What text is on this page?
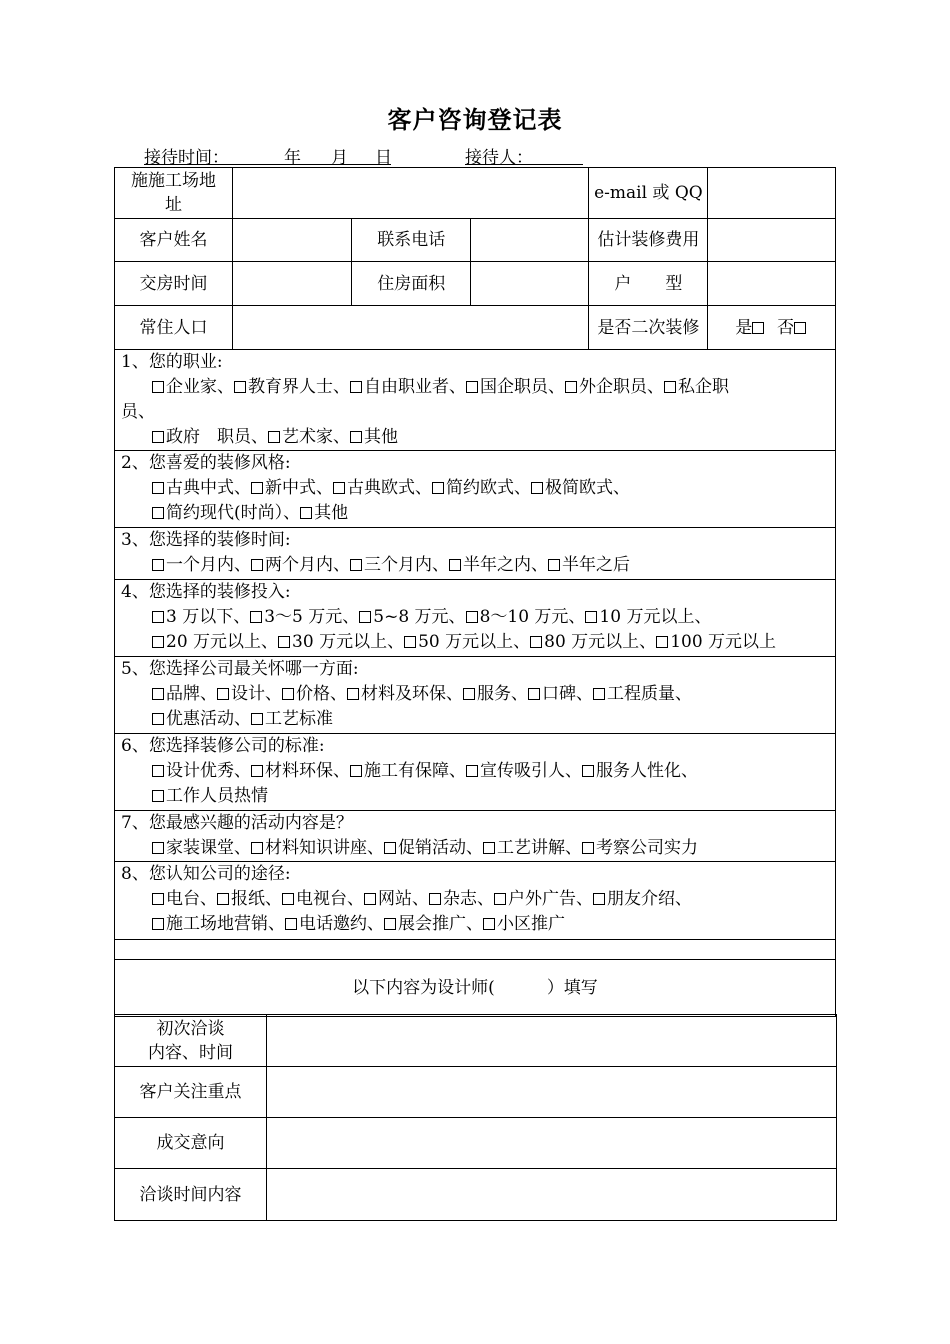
客户咨询登记表
接待时间：	年 月 日	接待人：
施施工场地址				e-mail 或 QQ	
客户姓名		联系电话		估计装修费用	
交房时间		住房面积		户　　型	
常住人口				是否二次装修	是 否

1、您的职业:
企业家、 教育界人士、 自由职业者、 国企职员、 外企职员、 私企职
员、
政府　职员、 艺术家、 其他					

2、您喜爱的装修风格:
古典中式、 新中式、 古典欧式、 简约欧式、 极简欧式、
简约现代(时尚）、 其他					

3、您选择的装修时间:
一个月内、 两个月内、 三个月内、 半年之内、 半年之后					

4、您选择的装修投入:
3 万以下、 3～5 万元、 5~8 万元、 8～10 万元、 10 万元以上、
20 万元以上、 30 万元以上、 50 万元以上、 80 万元以上、 100 万元以上					

5、您选择公司最关怀哪一方面:
品牌、 设计、 价格、 材料及环保、 服务、 口碑、 工程质量、
优惠活动、 工艺标准					

6、您选择装修公司的标准:
设计优秀、 材料环保、 施工有保障、 宣传吸引人、 服务人性化、
工作人员热情					

7、您最感兴趣的活动内容是？
家装课堂、 材料知识讲座、 促销活动、 工艺讲解、 考察公司实力					

8、您认知公司的途径:
电台、 报纸、 电视台、 网站、 杂志、 户外广告、 朋友介绍、
施工场地营销、 电话邀约、 展会推广、 小区推广					

以下内容为设计师( ）填写					
初次洽谈
内容、时间	

客户关注重点	
成交意向	
洽谈时间内容	
